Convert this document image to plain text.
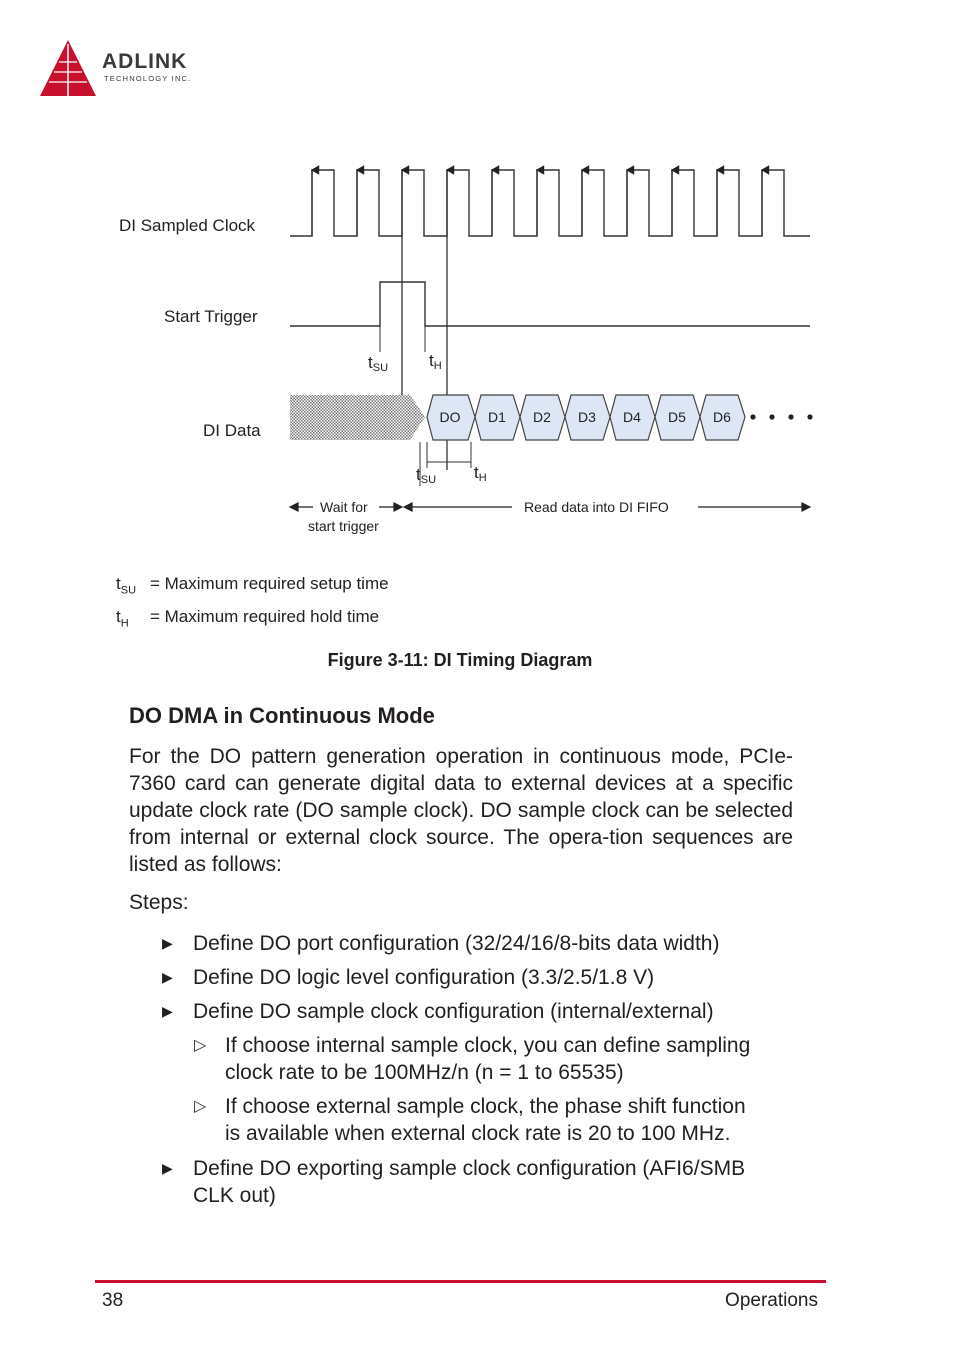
ADLINK
TECHNOLOGY INC.
DI Sampled Clock
Start Trigger
DI Data
tSU tH
DO D1 D2 D3 D4 D5 D6
tSU tH
Wait for
start trigger
Read data into DI FIFO
$t_{SU}$ = Maximum required setup time
$t_H$ = Maximum required hold time
Figure 3-11: DI Timing Diagram
DO DMA in Continuous Mode
For the DO pattern generation operation in continuous mode, PCIe-7360 card can generate digital data to external devices at a specific update clock rate (DO sample clock). DO sample clock can be selected from internal or external clock source. The opera-tion sequences are listed as follows:
Steps:
▶ Define DO port configuration (32/24/16/8-bits data width)
▶ Define DO logic level configuration (3.3/2.5/1.8 V)
▶ Define DO sample clock configuration (internal/external)
▷ If choose internal sample clock, you can define sampling
clock rate to be 100MHz/n (n = 1 to 65535)
▷ If choose external sample clock, the phase shift function
is available when external clock rate is 20 to 100 MHz.
▶ Define DO exporting sample clock configuration (AFI6/SMB
CLK out)
38	Operations
